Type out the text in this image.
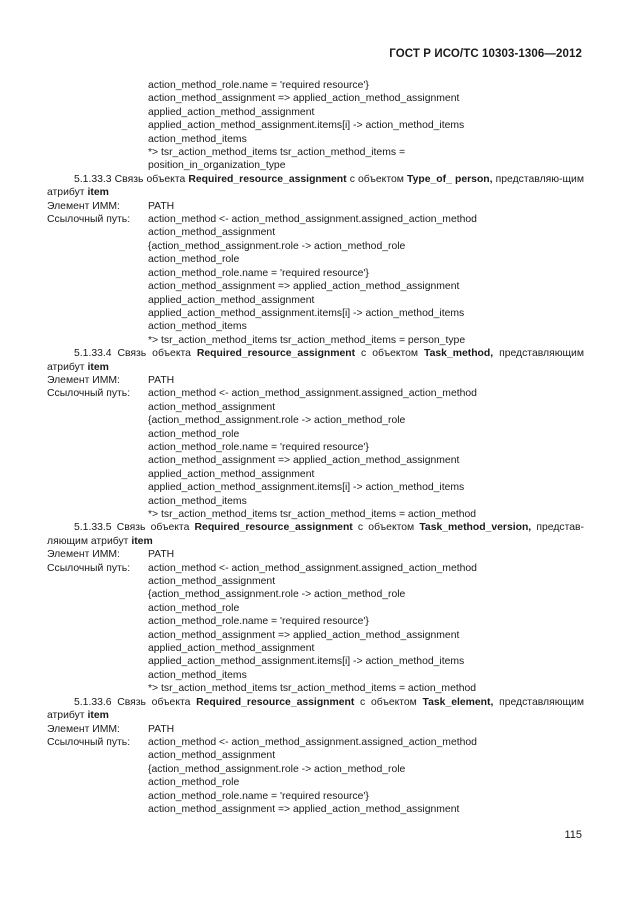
ГОСТ Р ИСО/ТС 10303-1306—2012
action_method_role.name = 'required resource'}
action_method_assignment => applied_action_method_assignment
applied_action_method_assignment
applied_action_method_assignment.items[i] -> action_method_items
action_method_items
*> tsr_action_method_items tsr_action_method_items =
position_in_organization_type
5.1.33.3 Связь объекта Required_resource_assignment с объектом Type_of_ person, представляю-щим атрибут item
Элемент ИММ:	PATH
Ссылочный путь:	action_method <- action_method_assignment.assigned_action_method
action_method_assignment
{action_method_assignment.role -> action_method_role
action_method_role
action_method_role.name = 'required resource'}
action_method_assignment => applied_action_method_assignment
applied_action_method_assignment
applied_action_method_assignment.items[i] -> action_method_items
action_method_items
*> tsr_action_method_items tsr_action_method_items = person_type
5.1.33.4 Связь объекта Required_resource_assignment с объектом Task_method, представляющим атрибут item
Элемент ИММ:	PATH
Ссылочный путь:	action_method <- action_method_assignment.assigned_action_method
action_method_assignment
{action_method_assignment.role -> action_method_role
action_method_role
action_method_role.name = 'required resource'}
action_method_assignment => applied_action_method_assignment
applied_action_method_assignment
applied_action_method_assignment.items[i] -> action_method_items
action_method_items
*> tsr_action_method_items tsr_action_method_items = action_method
5.1.33.5 Связь объекта Required_resource_assignment с объектом Task_method_version, представ-ляющим атрибут item
Элемент ИММ:	PATH
Ссылочный путь:	action_method <- action_method_assignment.assigned_action_method
action_method_assignment
{action_method_assignment.role -> action_method_role
action_method_role
action_method_role.name = 'required resource'}
action_method_assignment => applied_action_method_assignment
applied_action_method_assignment
applied_action_method_assignment.items[i] -> action_method_items
action_method_items
*> tsr_action_method_items tsr_action_method_items = action_method
5.1.33.6 Связь объекта Required_resource_assignment с объектом Task_element, представляющим атрибут item
Элемент ИММ:	PATH
Ссылочный путь:	action_method <- action_method_assignment.assigned_action_method
action_method_assignment
{action_method_assignment.role -> action_method_role
action_method_role
action_method_role.name = 'required resource'}
action_method_assignment => applied_action_method_assignment
115
